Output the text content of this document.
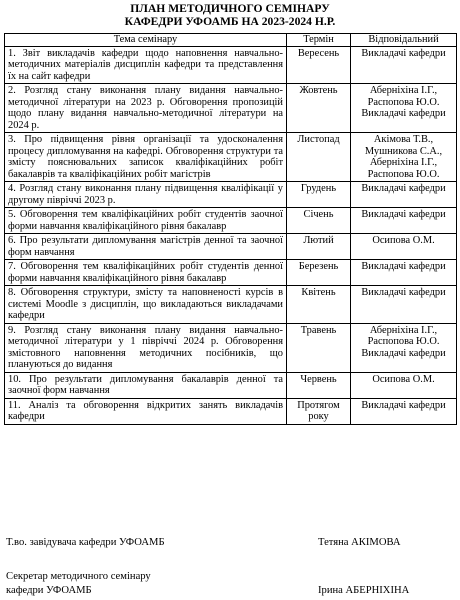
ПЛАН МЕТОДИЧНОГО СЕМІНАРУ
КАФЕДРИ УФОАМБ НА 2023-2024 Н.Р.
Тема семінару	Термін	Відповідальний
1. Звіт викладачів кафедри щодо наповнення навчально-методичних матеріалів дисциплін кафедри та представлення їх на сайт кафедри	Вересень	Викладачі кафедри
2. Розгляд стану виконання плану видання навчально-методичної літератури на 2023 р. Обговорення пропозицій щодо плану видання навчально-методичної літератури на 2024 р.	Жовтень	Аберніхіна І.Г., Распопова Ю.О. Викладачі кафедри
3. Про підвищення рівня організації та удосконалення процесу дипломування на кафедрі. Обговорення структури та змісту пояснювальних записок кваліфікаційних робіт бакалаврів та кваліфікаційних робіт магістрів	Листопад	Акімова Т.В., Мушникова С.А., Аберніхіна І.Г., Распопова Ю.О.
4. Розгляд стану виконання плану підвищення кваліфікації у другому півріччі 2023 р.	Грудень	Викладачі кафедри
5. Обговорення тем кваліфікаційних робіт студентів заочної форми навчання кваліфікаційного рівня бакалавр	Січень	Викладачі кафедри
6. Про результати дипломування магістрів денної та заочної форм навчання	Лютий	Осипова О.М.
7. Обговорення тем кваліфікаційних робіт студентів денної форми навчання кваліфікаційного рівня бакалавр	Березень	Викладачі кафедри
8. Обговорення структури, змісту та наповненості курсів в системі Moodle з дисциплін, що викладаються викладачами кафедри	Квітень	Викладачі кафедри
9. Розгляд стану виконання плану видання навчально-методичної літератури у 1 півріччі 2024 р. Обговорення змістовного наповнення методичних посібників, що плануються до видання	Травень	Аберніхіна І.Г., Распопова Ю.О. Викладачі кафедри
10. Про результати дипломування бакалаврів денної та заочної форм навчання	Червень	Осипова О.М.
11. Аналіз та обговорення відкритих занять викладачів кафедри	Протягом року	Викладачі кафедри
Т.во. завідувача кафедри УФОАМБ	Тетяна АКІМОВА
Секретар методичного семінару
кафедри УФОАМБ	Ірина АБЕРНІХІНА
